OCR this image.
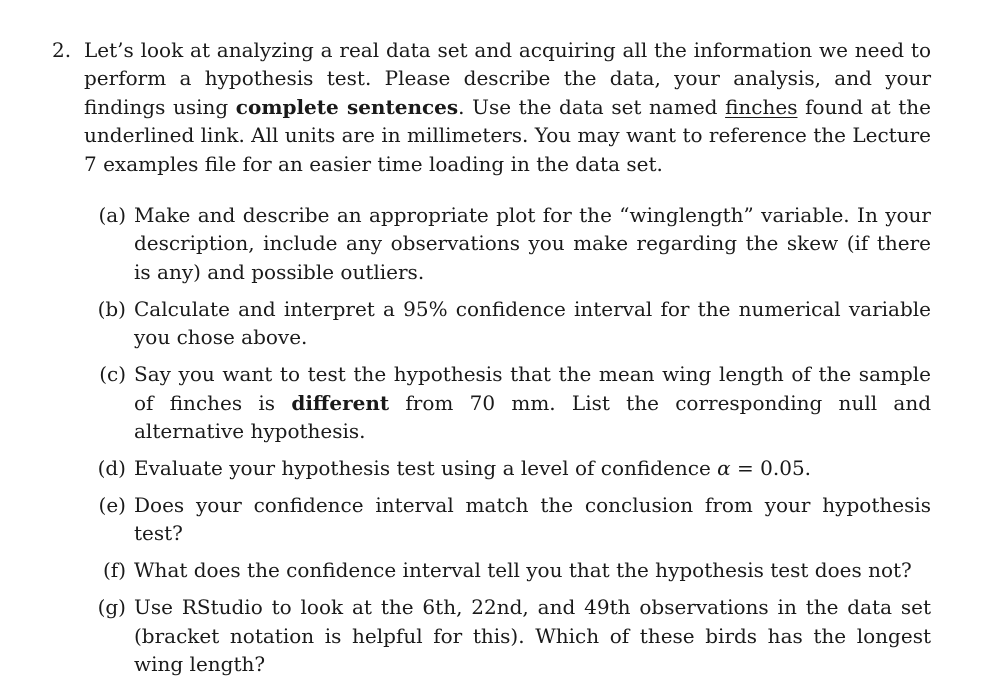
2. Let’s look at analyzing a real data set and acquiring all the information we need to perform a hypothesis test. Please describe the data, your analysis, and your findings using complete sentences. Use the data set named finches found at the underlined link. All units are in millimeters. You may want to reference the Lecture 7 examples file for an easier time loading in the data set.
(a) Make and describe an appropriate plot for the “winglength” variable. In your description, include any observations you make regarding the skew (if there is any) and possible outliers.
(b) Calculate and interpret a 95% confidence interval for the numerical variable you chose above.
(c) Say you want to test the hypothesis that the mean wing length of the sample of finches is different from 70 mm. List the corresponding null and alternative hypothesis.
(d) Evaluate your hypothesis test using a level of confidence α = 0.05.
(e) Does your confidence interval match the conclusion from your hypothesis test?
(f) What does the confidence interval tell you that the hypothesis test does not?
(g) Use RStudio to look at the 6th, 22nd, and 49th observations in the data set (bracket notation is helpful for this). Which of these birds has the longest wing length?
